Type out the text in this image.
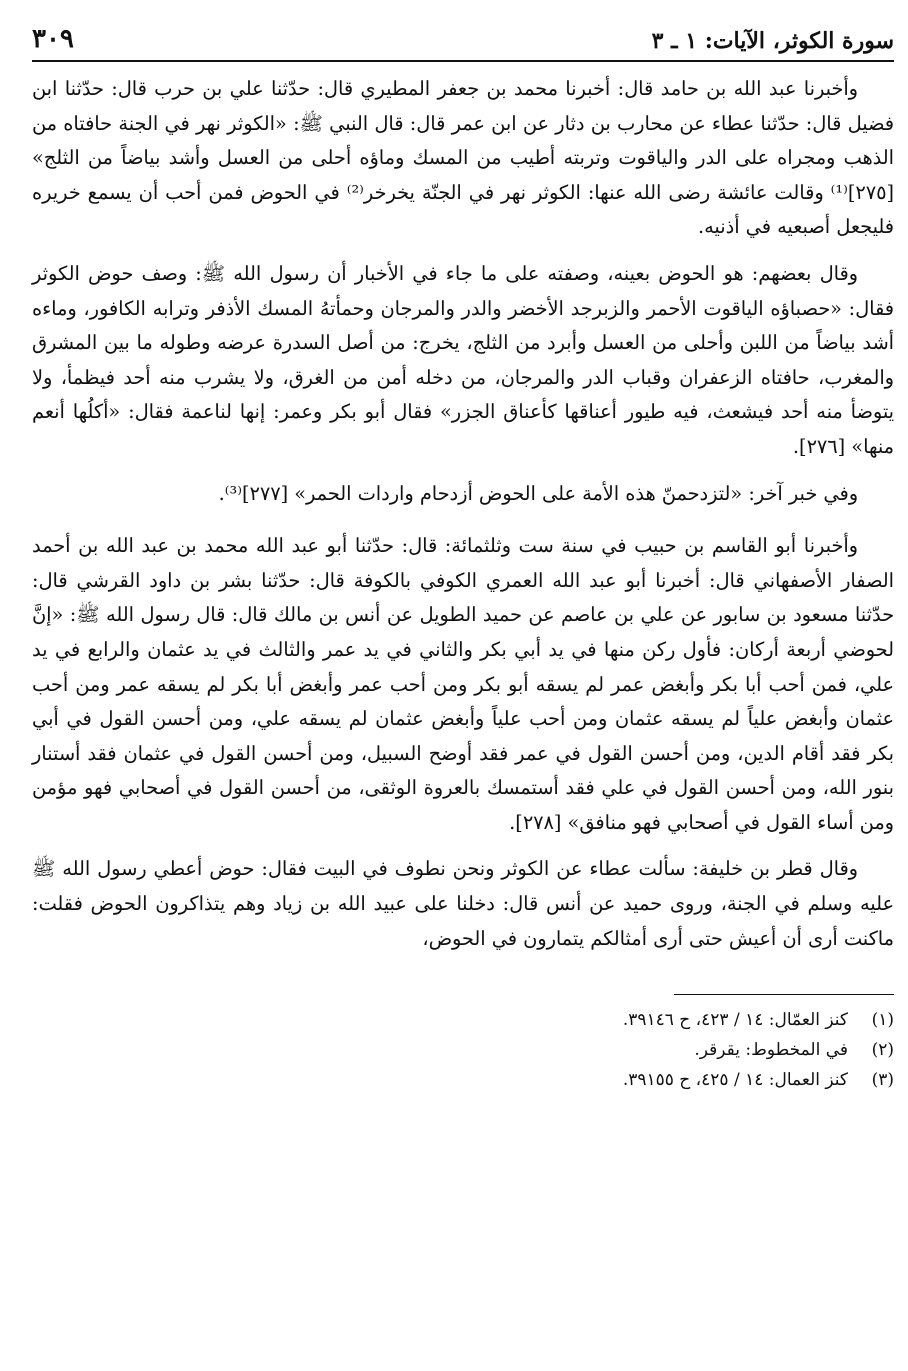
سورة الكوثر، الآيات: ١ ـ ٣
٣٠٩

وأخبرنا عبد الله بن حامد قال: أخبرنا محمد بن جعفر المطيري قال: حدّثنا علي بن حرب قال: حدّثنا ابن فضيل قال: حدّثنا عطاء عن محارب بن دثار عن ابن عمر قال: قال النبي ﷺ: «الكوثر نهر في الجنة حافتاه من الذهب ومجراه على الدر والياقوت وتربته أطيب من المسك وماؤه أحلى من العسل وأشد بياضاً من الثلج» [٢٧٥]⁽¹⁾ وقالت عائشة رضى الله عنها: الكوثر نهر في الجنّة يخرخر⁽²⁾ في الحوض فمن أحب أن يسمع خريره فليجعل أصبعيه في أذنيه.

وقال بعضهم: هو الحوض بعينه، وصفته على ما جاء في الأخبار أن رسول الله ﷺ: وصف حوض الكوثر فقال: «حصباؤه الياقوت الأحمر والزبرجد الأخضر والدر والمرجان وحمأتهُ المسك الأذفر وترابه الكافور، وماءه أشد بياضاً من اللبن وأحلى من العسل وأبرد من الثلج، يخرج: من أصل السدرة عرضه وطوله ما بين المشرق والمغرب، حافتاه الزعفران وقباب الدر والمرجان، من دخله أمن من الغرق، ولا يشرب منه أحد فيظمأ، ولا يتوضأ منه أحد فيشعث، فيه طيور أعناقها كأعناق الجزر» فقال أبو بكر وعمر: إنها لناعمة فقال: «أكلُها أنعم منها» [٢٧٦].

وفي خبر آخر: «لتزدحمنّ هذه الأمة على الحوض أزدحام واردات الحمر» [٢٧٧]⁽³⁾.

وأخبرنا أبو القاسم بن حبيب في سنة ست وثلثمائة: قال: حدّثنا أبو عبد الله محمد بن عبد الله بن أحمد الصفار الأصفهاني قال: أخبرنا أبو عبد الله العمري الكوفي بالكوفة قال: حدّثنا بشر بن داود القرشي قال: حدّثنا مسعود بن سابور عن علي بن عاصم عن حميد الطويل عن أنس بن مالك قال: قال رسول الله ﷺ: «إنَّ لحوضي أربعة أركان: فأول ركن منها في يد أبي بكر والثاني في يد عمر والثالث في يد عثمان والرابع في يد علي، فمن أحب أبا بكر وأبغض عمر لم يسقه أبو بكر ومن أحب عمر وأبغض أبا بكر لم يسقه عمر ومن أحب عثمان وأبغض علياً لم يسقه عثمان ومن أحب علياً وأبغض عثمان لم يسقه علي، ومن أحسن القول في أبي بكر فقد أقام الدين، ومن أحسن القول في عمر فقد أوضح السبيل، ومن أحسن القول في عثمان فقد أستنار بنور الله، ومن أحسن القول في علي فقد أستمسك بالعروة الوثقى، من أحسن القول في أصحابي فهو مؤمن ومن أساء القول في أصحابي فهو منافق» [٢٧٨].

وقال قطر بن خليفة: سألت عطاء عن الكوثر ونحن نطوف في البيت فقال: حوض أعطي رسول الله ﷺ عليه وسلم في الجنة، وروى حميد عن أنس قال: دخلنا على عبيد الله بن زياد وهم يتذاكرون الحوض فقلت: ماكنت أرى أن أعيش حتى أرى أمثالكم يتمارون في الحوض،

(١)
كنز العمّال: ١٤ / ٤٢٣، ح ٣٩١٤٦.
(٢)
في المخطوط: يقرقر.
(٣)
كنز العمال: ١٤ / ٤٢٥، ح ٣٩١٥٥.
